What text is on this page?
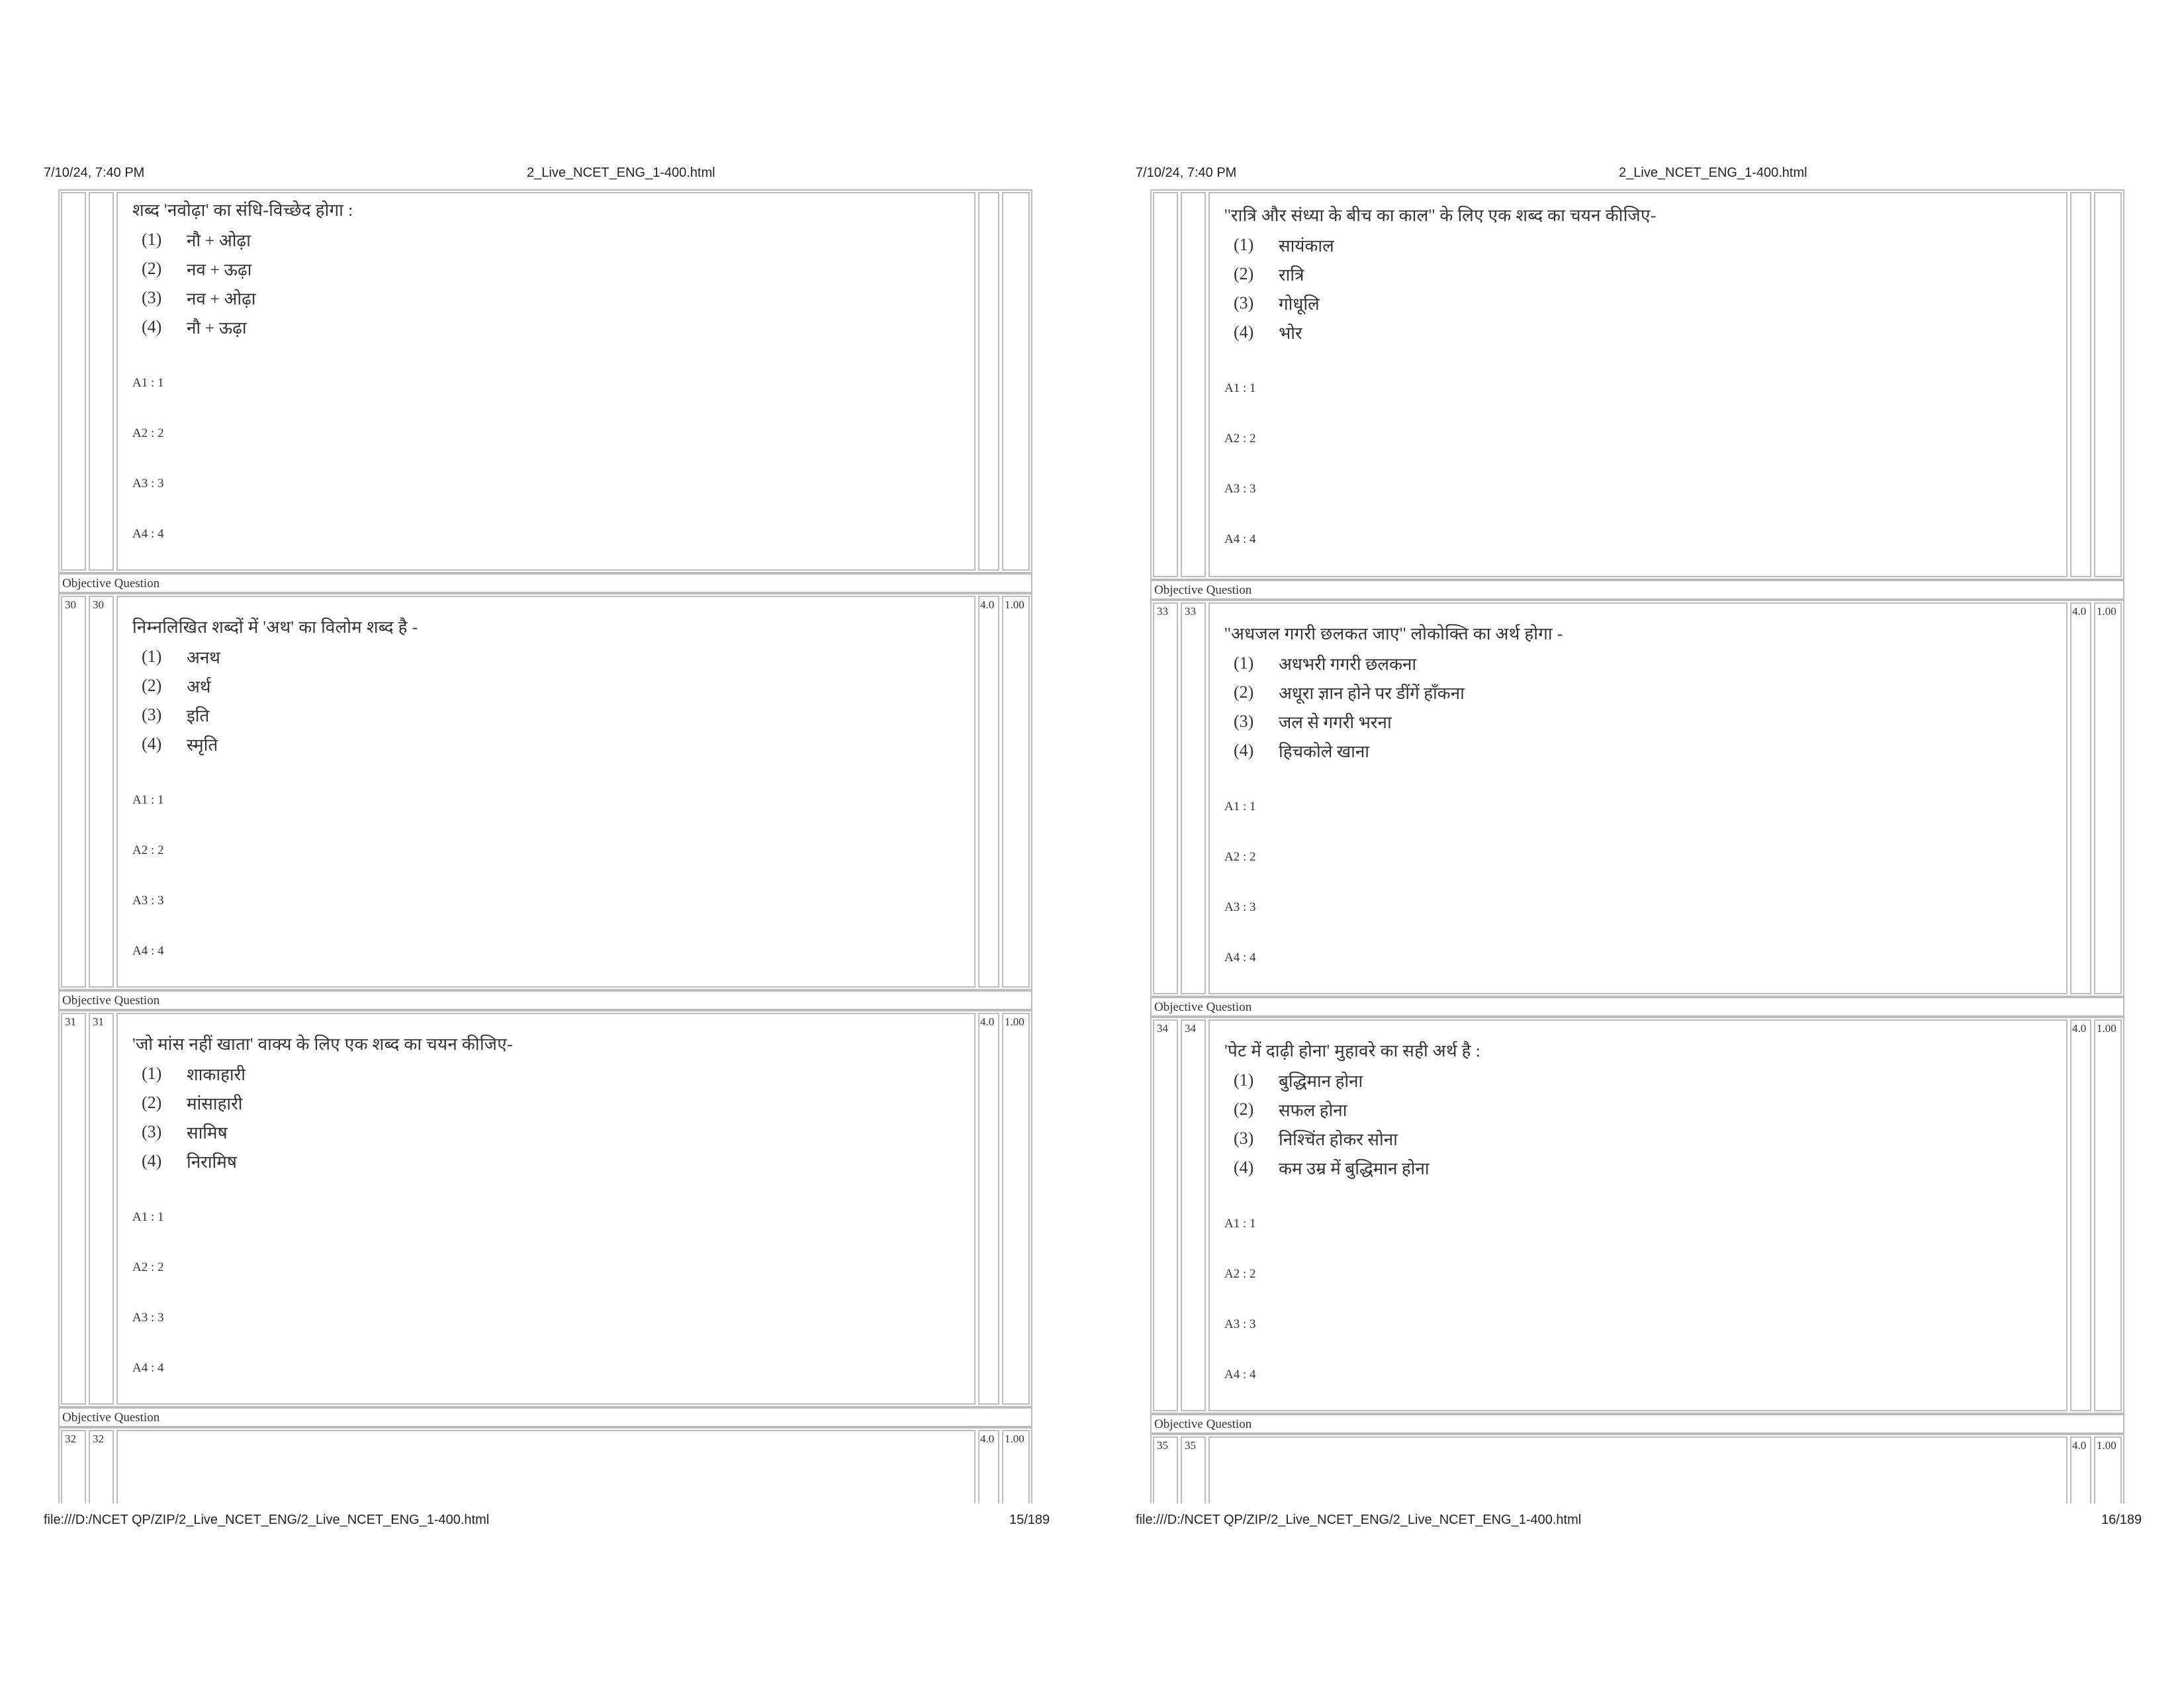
7/10/24, 7:40 PM	2_Live_NCET_ENG_1-400.html
शब्द 'नवोढ़ा' का संधि-विच्छेद होगा :
(1)	नौ + ओढ़ा
(2)	नव + ऊढ़ा
(3)	नव + ओढ़ा
(4)	नौ + ऊढ़ा
A1 : 1
A2 : 2
A3 : 3
A4 : 4
Objective Question
30	30
निम्नलिखित शब्दों में 'अथ' का विलोम शब्द है -
(1)	अनथ
(2)	अर्थ
(3)	इति
(4)	स्मृति
A1 : 1
A2 : 2
A3 : 3
A4 : 4
4.0 1.00
Objective Question
31	31
'जो मांस नहीं खाता' वाक्य के लिए एक शब्द का चयन कीजिए-
(1)	शाकाहारी
(2)	मांसाहारी
(3)	सामिष
(4)	निरामिष
A1 : 1
A2 : 2
A3 : 3
A4 : 4
4.0 1.00
Objective Question
32	32	4.0 1.00
file:///D:/NCET QP/ZIP/2_Live_NCET_ENG/2_Live_NCET_ENG_1-400.html	15/189
7/10/24, 7:40 PM	2_Live_NCET_ENG_1-400.html
''रात्रि और संध्या के बीच का काल'' के लिए एक शब्द का चयन कीजिए-
(1)	सायंकाल
(2)	रात्रि
(3)	गोधूलि
(4)	भोर
A1 : 1
A2 : 2
A3 : 3
A4 : 4
Objective Question
33	33
''अधजल गगरी छलकत जाए'' लोकोक्ति का अर्थ होगा -
(1)	अधभरी गगरी छलकना
(2)	अधूरा ज्ञान होने पर डींगें हाँकना
(3)	जल से गगरी भरना
(4)	हिचकोले खाना
A1 : 1
A2 : 2
A3 : 3
A4 : 4
4.0 1.00
Objective Question
34	34
'पेट में दाढ़ी होना' मुहावरे का सही अर्थ है :
(1)	बुद्धिमान होना
(2)	सफल होना
(3)	निश्चिंत होकर सोना
(4)	कम उम्र में बुद्धिमान होना
A1 : 1
A2 : 2
A3 : 3
A4 : 4
4.0 1.00
Objective Question
35	35	4.0 1.00
file:///D:/NCET QP/ZIP/2_Live_NCET_ENG/2_Live_NCET_ENG_1-400.html	16/189
